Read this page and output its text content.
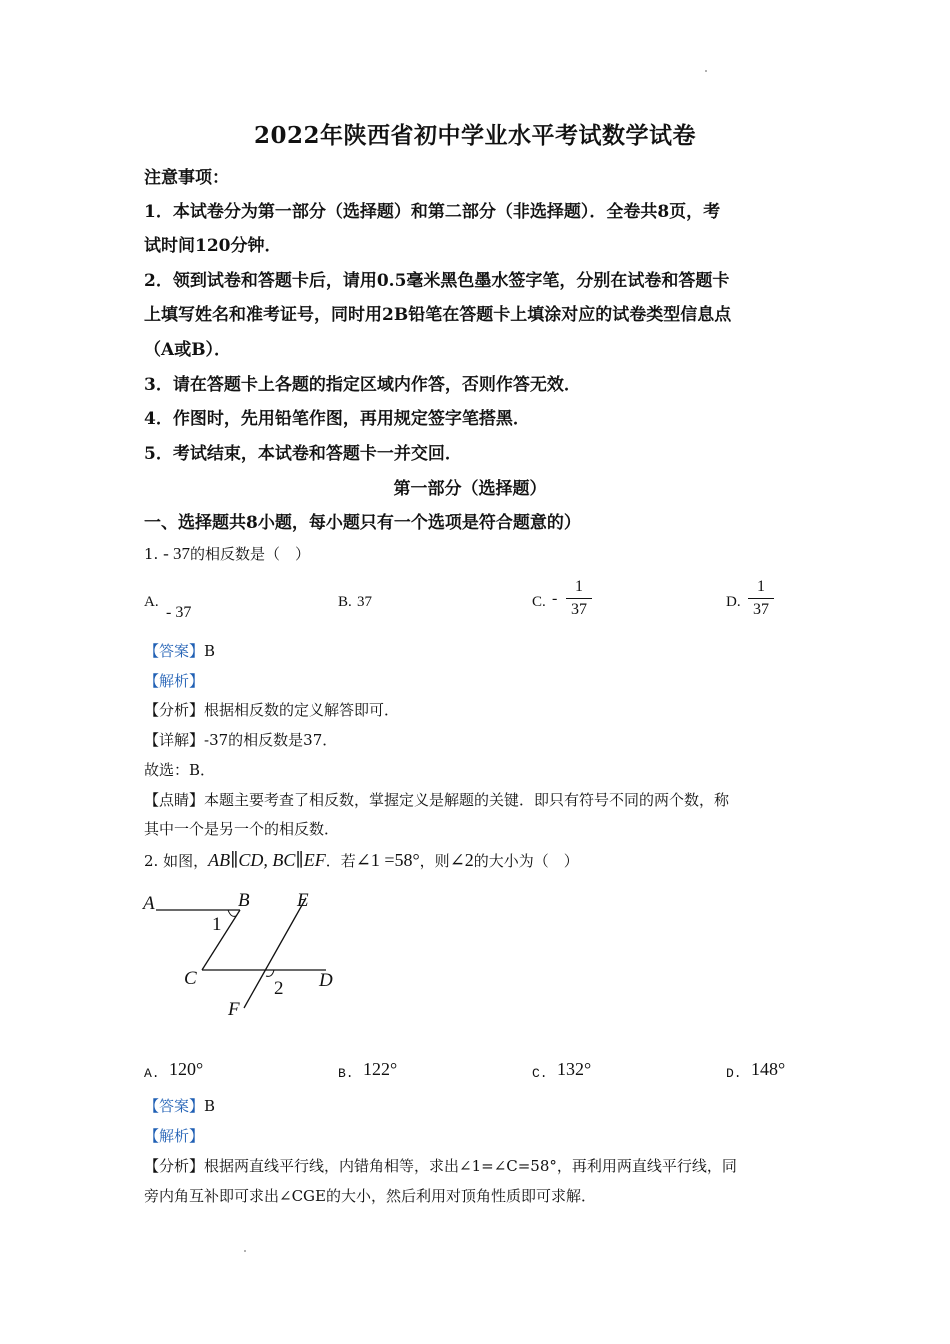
2022年陕西省初中学业水平考试数学试卷
注意事项：
1．本试卷分为第一部分（选择题）和第二部分（非选择题）．全卷共8页，考
试时间120分钟．
2．领到试卷和答题卡后，请用0.5毫米黑色墨水签字笔，分别在试卷和答题卡
上填写姓名和准考证号，同时用2B铅笔在答题卡上填涂对应的试卷类型信息点
（A或B）．
3．请在答题卡上各题的指定区域内作答，否则作答无效．
4．作图时，先用铅笔作图，再用规定签字笔搭黑．
5．考试结束，本试卷和答题卡一并交回．
第一部分（选择题）
一、选择题共8小题，每小题只有一个选项是符合题意的）
1. - 37的相反数是（　）
A.
- 37
B. 37	C. -
1
37	D.
1
37
【答案】B
【解析】
【分析】根据相反数的定义解答即可．
【详解】-37的相反数是37．
故选：B．
【点睛】本题主要考查了相反数，掌握定义是解题的关键．即只有符号不同的两个数，称
其中一个是另一个的相反数．
2. 如图，AB∥CD, BC∥EF．若∠1 =58°，则∠2的大小为（　）
A	B E
1
C	2 D
F
A. 120°	B. 122°	C. 132°	D. 148°
【答案】B
【解析】
【分析】根据两直线平行线，内错角相等，求出∠1=∠C=58°，再利用两直线平行线，同
旁内角互补即可求出∠CGE的大小，然后利用对顶角性质即可求解．
